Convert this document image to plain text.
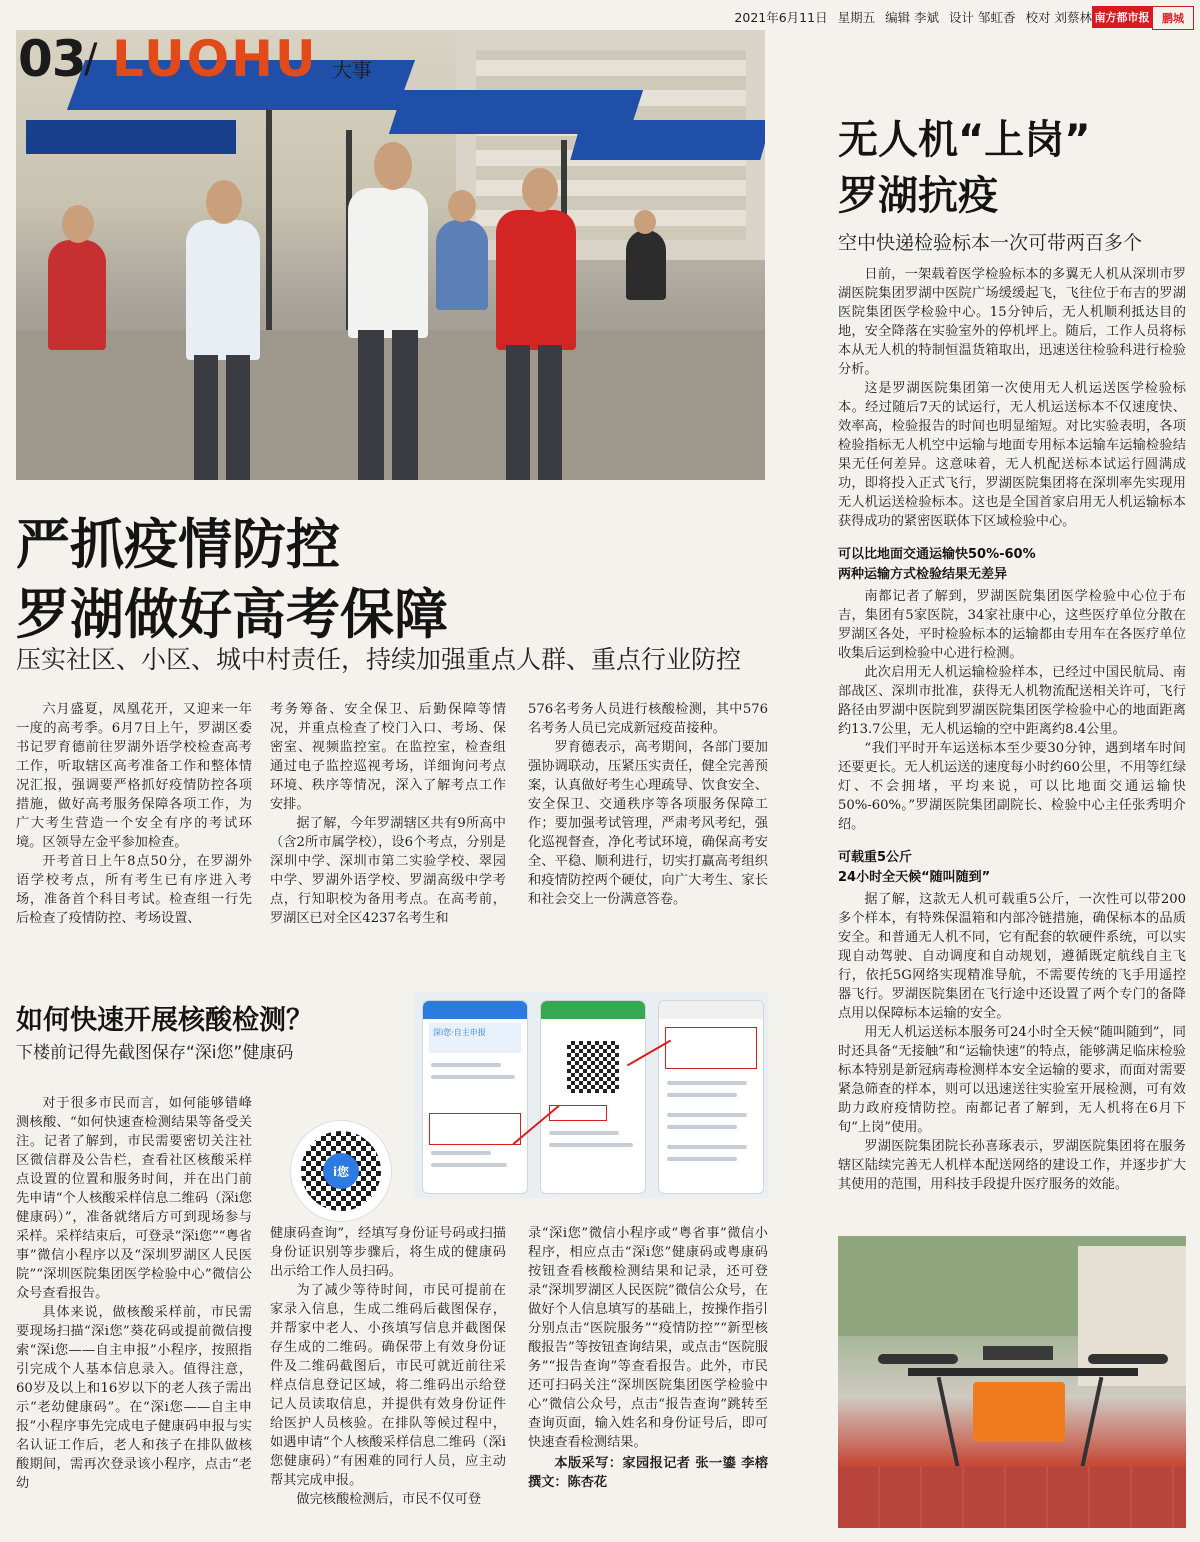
2021年6月11日 星期五 编辑 李斌 设计 邹虹香 校对 刘蔡林 南方都市报	鹏城
03
/ LUOHU 大事
严抓疫情防控
罗湖做好高考保障
压实社区、小区、城中村责任，持续加强重点人群、重点行业防控

六月盛夏，凤凰花开，又迎来一年一度的高考季。6月7日上午，罗湖区委书记罗育德前往罗湖外语学校检查高考工作，听取辖区高考准备工作和整体情况汇报，强调要严格抓好疫情防控各项措施，做好高考服务保障各项工作，为广大考生营造一个安全有序的考试环境。区领导左金平参加检查。

开考首日上午8点50分，在罗湖外语学校考点，所有考生已有序进入考场，准备首个科目考试。检查组一行先后检查了疫情防控、考场设置、

考务筹备、安全保卫、后勤保障等情况，并重点检查了校门入口、考场、保密室、视频监控室。在监控室，检查组通过电子监控巡视考场，详细询问考点环境、秩序等情况，深入了解考点工作安排。

据了解，今年罗湖辖区共有9所高中（含2所市属学校），设6个考点，分别是深圳中学、深圳市第二实验学校、翠园中学、罗湖外语学校、罗湖高级中学考点，行知职校为备用考点。在高考前，罗湖区已对全区4237名考生和

576名考务人员进行核酸检测，其中576名考务人员已完成新冠疫苗接种。

罗育德表示，高考期间，各部门要加强协调联动，压紧压实责任，健全完善预案，认真做好考生心理疏导、饮食安全、安全保卫、交通秩序等各项服务保障工作；要加强考试管理，严肃考风考纪，强化巡视督查，净化考试环境，确保高考安全、平稳、顺利进行，切实打赢高考组织和疫情防控两个硬仗，向广大考生、家长和社会交上一份满意答卷。

无人机“上岗”
罗湖抗疫
空中快递检验标本一次可带两百多个

日前，一架载着医学检验标本的多翼无人机从深圳市罗湖医院集团罗湖中医院广场缓缓起飞，飞往位于布吉的罗湖医院集团医学检验中心。15分钟后，无人机顺利抵达目的地，安全降落在实验室外的停机坪上。随后，工作人员将标本从无人机的特制恒温货箱取出，迅速送往检验科进行检验分析。

这是罗湖医院集团第一次使用无人机运送医学检验标本。经过随后7天的试运行，无人机运送标本不仅速度快、效率高，检验报告的时间也明显缩短。对比实验表明，各项检验指标无人机空中运输与地面专用标本运输车运输检验结果无任何差异。这意味着，无人机配送标本试运行圆满成功，即将投入正式飞行，罗湖医院集团将在深圳率先实现用无人机运送检验标本。这也是全国首家启用无人机运输标本获得成功的紧密医联体下区域检验中心。

可以比地面交通运输快50%-60%
两种运输方式检验结果无差异

南都记者了解到，罗湖医院集团医学检验中心位于布吉，集团有5家医院，34家社康中心，这些医疗单位分散在罗湖区各处，平时检验标本的运输都由专用车在各医疗单位收集后运到检验中心进行检测。

此次启用无人机运输检验样本，已经过中国民航局、南部战区、深圳市批准，获得无人机物流配送相关许可，飞行路径由罗湖中医院到罗湖医院集团医学检验中心的地面距离约13.7公里，无人机运输的空中距离约8.4公里。

“我们平时开车运送标本至少要30分钟，遇到堵车时间还要更长。无人机运送的速度每小时约60公里，不用等红绿灯、不会拥堵，平均来说，可以比地面交通运输快50%-60%。”罗湖医院集团副院长、检验中心主任张秀明介绍。

可载重5公斤
24小时全天候“随叫随到”

据了解，这款无人机可载重5公斤，一次性可以带200多个样本，有特殊保温箱和内部冷链措施，确保标本的品质安全。和普通无人机不同，它有配套的软硬件系统，可以实现自动驾驶、自动调度和自动规划，遵循既定航线自主飞行，依托5G网络实现精准导航，不需要传统的飞手用遥控器飞行。罗湖医院集团在飞行途中还设置了两个专门的备降点用以保障标本运输的安全。

用无人机运送标本服务可24小时全天候“随叫随到”，同时还具备“无接触”和“运输快速”的特点，能够满足临床检验标本特别是新冠病毒检测样本安全运输的要求，而面对需要紧急筛查的样本，则可以迅速送往实验室开展检测，可有效助力政府疫情防控。南都记者了解到，无人机将在6月下旬“上岗”使用。

罗湖医院集团院长孙喜琢表示，罗湖医院集团将在服务辖区陆续完善无人机样本配送网络的建设工作，并逐步扩大其使用的范围，用科技手段提升医疗服务的效能。

如何快速开展核酸检测？
下楼前记得先截图保存“深i您”健康码
i您
深i您·自主申报

对于很多市民而言，如何能够错峰测核酸、“如何快速查检测结果等备受关注。记者了解到，市民需要密切关注社区微信群及公告栏，查看社区核酸采样点设置的位置和服务时间，并在出门前先申请“个人核酸采样信息二维码（深i您健康码）”，准备就绪后方可到现场参与采样。采样结束后，可登录“深i您”“粤省事”微信小程序以及“深圳罗湖区人民医院”“深圳医院集团医学检验中心”微信公众号查看报告。

具体来说，做核酸采样前，市民需要现场扫描“深i您”葵花码或提前微信搜索“深i您——自主申报”小程序，按照指引完成个人基本信息录入。值得注意，60岁及以上和16岁以下的老人孩子需出示“老幼健康码”。在“深i您——自主申报”小程序事先完成电子健康码申报与实名认证工作后，老人和孩子在排队做核酸期间，需再次登录该小程序，点击“老幼

健康码查询”，经填写身份证号码或扫描身份证识别等步骤后，将生成的健康码出示给工作人员扫码。

为了减少等待时间，市民可提前在家录入信息，生成二维码后截图保存，并帮家中老人、小孩填写信息并截图保存生成的二维码。确保带上有效身份证件及二维码截图后，市民可就近前往采样点信息登记区域，将二维码出示给登记人员读取信息，并提供有效身份证件给医护人员核验。在排队等候过程中，如遇申请“个人核酸采样信息二维码（深i您健康码）”有困难的同行人员，应主动帮其完成申报。

做完核酸检测后，市民不仅可登

录“深i您”微信小程序或“粤省事”微信小程序，相应点击“深i您”健康码或粤康码按钮查看核酸检测结果和记录，还可登录“深圳罗湖区人民医院”微信公众号，在做好个人信息填写的基础上，按操作指引分别点击“医院服务”“疫情防控”“新型核酸报告”等按钮查询结果，或点击“医院服务”“报告查询”等查看报告。此外，市民还可扫码关注“深圳医院集团医学检验中心”微信公众号，点击“报告查询”跳转至查询页面，输入姓名和身份证号后，即可快速查看检测结果。

本版采写：家园报记者 张一鎏 李榕 撰文：陈杏花
